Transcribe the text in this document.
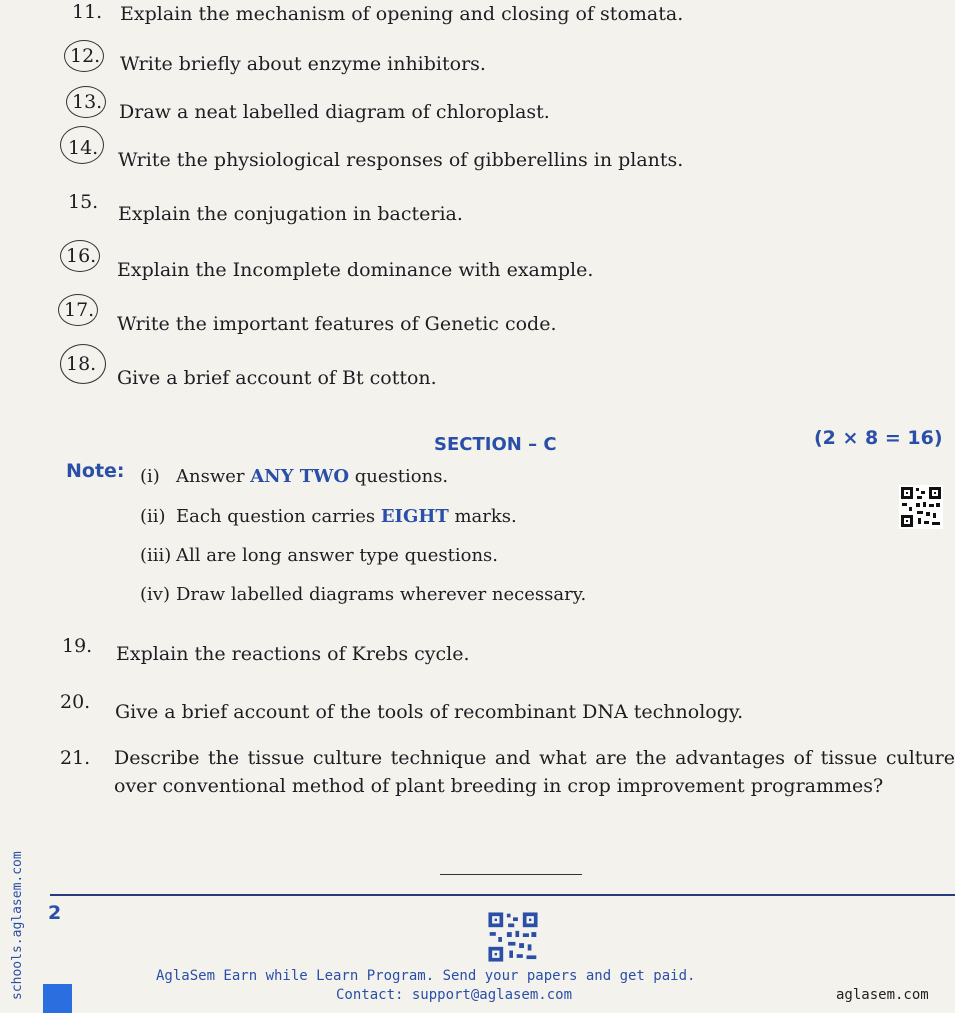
11. Explain the mechanism of opening and closing of stomata.
12. Write briefly about enzyme inhibitors.
13. Draw a neat labelled diagram of chloroplast.
14.
Write the physiological responses of gibberellins in plants.
15.
Explain the conjugation in bacteria.
16.
Explain the Incomplete dominance with example.
17.
Write the important features of Genetic code.
18.
Give a brief account of Bt cotton.
SECTION – C	(2 × 8 = 16)
Note: (i) Answer ANY TWO questions.
(ii) Each question carries EIGHT marks.
(iii) All are long answer type questions.
(iv) Draw labelled diagrams wherever necessary.
19. Explain the reactions of Krebs cycle.
20. Give a brief account of the tools of recombinant DNA technology.
21. Describe the tissue culture technique and what are the advantages of tissue culture over conventional method of plant breeding in crop improvement programmes?
2
schools.aglasem.com	AglaSem Earn while Learn Program. Send your papers and get paid.
Contact: support@aglasem.com	aglasem.com
